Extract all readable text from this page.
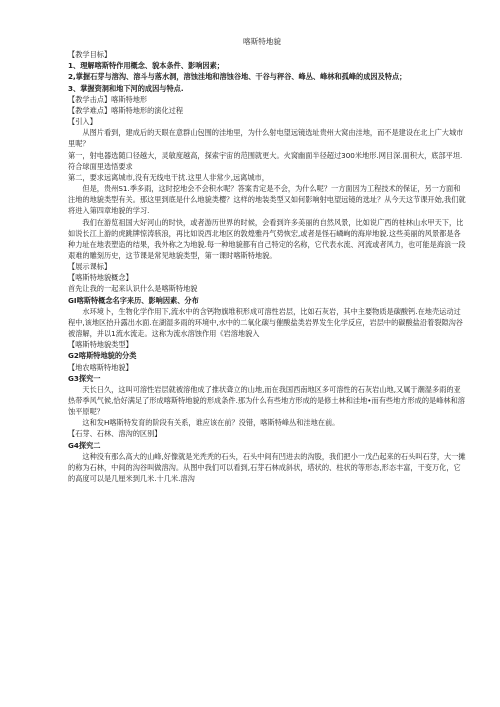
喀斯特地貌

【教学目标】

1、理解喀斯特作用概念、貌本条件、影响因素；

2,掌握石芽与溶沟、溶斗与落水洞，溶蚀洼地和溶蚀谷地、干谷与秤谷、峰丛、峰林和孤峰的成因及特点；

3、掌握资洞和地下河的成因与特点.

【教学击点】喀斯特地形

【教学难点】喀斯特地形的演化过程

【引入】

从图片看到，建成后的天眼在意群山包围的洼地里，为什么射电望远镜选址贵州大窝由洼地，而不是建设在北上广大城市里呢？

第一，射电器选随口径越大，灵敏度越高，探索宇宙的范围就更大。火窝幽面半径超过300米地形.网目深.面积大，底部平坦.符合球面里选悟要求

第二，要求远离城市,没有无线电干扰.这里人非常少,远离城市，

但是，贵州S1.季多雨，这时挖地会不会积水呢？答案肯定是不会，为什么呢？一方面因为工程技术的保证，另一方面和注地的地貌类型有关。那这里到底是什么地貌类樱？这样的地装类型又如何影响射电望远镜的选址？从今天这节课开始,我们就将进入第四章地貌的学习.

我们在游览祖国大好河山的时快，或者游历世界的时候，会看到许多美丽的自然风景，比如说广西的桂林山水甲天下，比如说长江上游的虎跳牌惊涛骇浪，再比如说西北地区的敦煌雅丹气势恢宏,或者是怪石嶙峋的海岸地貌.这些美丽的风景都是各种力址在地表塑造的结果，我外称之为地貌.每一种地貌都有自己特定的名称，它代表水流、河流或者风力，也可能是海浪一段艰难的雕刻历史，这节课是常见地貌类型，第一课时喀斯特地貌。

【展示课标】

【喀斯特地貌概念】

首先让我的一起来认识什么是喀斯特地貌

GI喀斯特概念名字来历、影响因素、分布

水环境卜，生物化学作用下,流水中的含钙物旗堆积形成可溶性岩层，比如石灰岩，其中主要物质是碳酸钙.在地壳运动过程中,该地区抬升露出水面.在湖湿多雨的环境中,水中的二氧化碳与催酸盐类岩界发生化学反应，岩层中的碳酸盐沿着裂隙沟谷被溶解，并以1流水流走。这称为流水溶蚀作用《岩溶地貌入

【喀斯特地貌类型】

G2喀斯特地貌的分类

【地农喀斯特地貌】

G3探究一

天长日久，这叫可溶性岩层就被溶他成了推状聋立的山地,而在我国西南地区多可溶性的石灰岩山地,又属于潮湿多雨的亚热带季风气候,恰好满足了形成喀斯特地貌的形成条件.那为什么有些地方形成的是修土林和洼地•而有些地方形成的是峰林和溶蚀平原呢？

这和发H喀斯特发育的阶段有关系，谁应该在前？没错，喀斯特峰丛和洼地在前。

【石芽、石林、溶沟的区别】

G4探究二

这种没有那么高大的山峰,好像就是光秃秃的石头，石头中间有凹进去的沟股，我们把小一戊凸起来的石头叫石芽，大一摊的称为石林，中间的沟谷叫做溶沟。从图中我们可以看到,石芽石林成斜状，塔状的、柱状的等形态,形态丰富，干变万化，它的高度可以是几厘米到几米.十几米.溶沟
